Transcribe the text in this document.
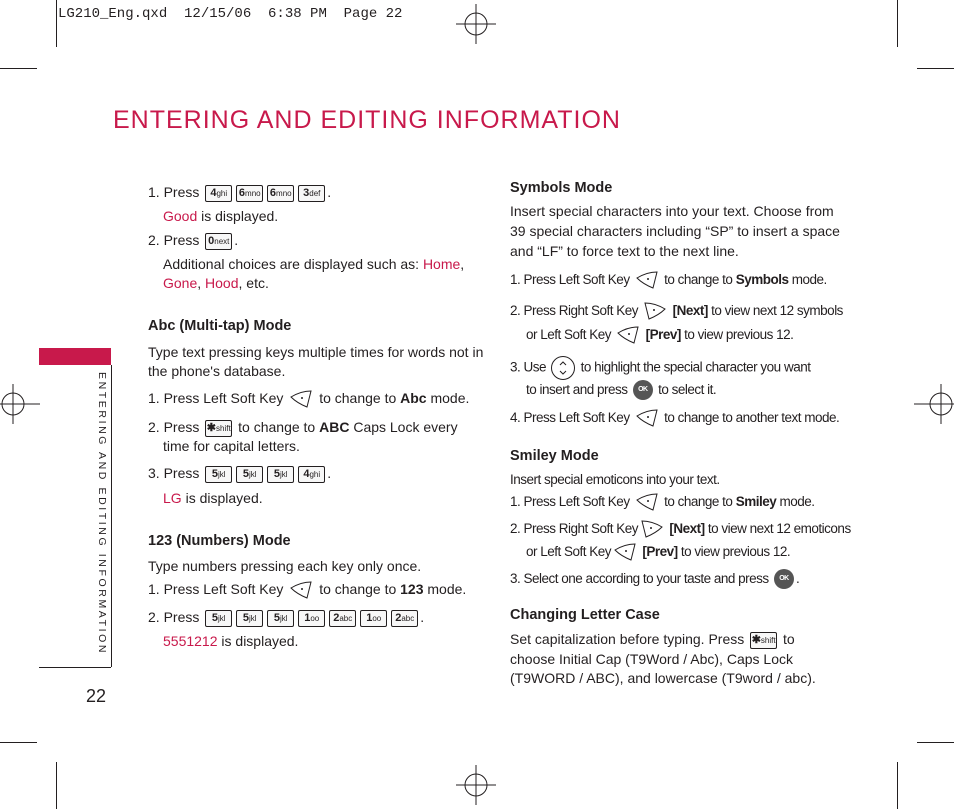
LG210_Eng.qxd  12/15/06  6:38 PM  Page 22
ENTERING AND EDITING INFORMATION
ENTERING AND EDITING INFORMATION
22
1. Press 4ghi 6mno 6mno 3def .
Good is displayed.
2. Press 0next .
Additional choices are displayed such as: Home,
Gone, Hood, etc.
Abc (Multi-tap) Mode
Type text pressing keys multiple times for words not in
the phone's database.
1. Press Left Soft Key	to change to Abc mode.
2. Press ✱shift to change to ABC Caps Lock every
time for capital letters.
3. Press 5jkl 5jkl 5jkl 4ghi .
LG is displayed.
123 (Numbers) Mode
Type numbers pressing each key only once.
1. Press Left Soft Key	to change to 123 mode.
2. Press 5jkl 5jkl 5jkl 1oo 2abc 1oo 2abc .
5551212 is displayed.
Symbols Mode
Insert special characters into your text. Choose from
39 special characters including “SP” to insert a space
and “LF” to force text to the next line.
1. Press Left Soft Key	to change to Symbols mode.
2. Press Right Soft Key	[Next] to view next 12 symbols
or Left Soft Key	[Prev] to view previous 12.
3. Use	to highlight the special character you want
to insert and press OK to select it.
4. Press Left Soft Key	to change to another text mode.
Smiley Mode
Insert special emoticons into your text.
1. Press Left Soft Key	to change to Smiley mode.
2. Press Right Soft Key [Next] to view next 12 emoticons
or Left Soft Key [Prev] to view previous 12.
3. Select one according to your taste and press OK .
Changing Letter Case
Set capitalization before typing. Press ✱shift to
choose Initial Cap (T9Word / Abc), Caps Lock
(T9WORD / ABC), and lowercase (T9word / abc).
